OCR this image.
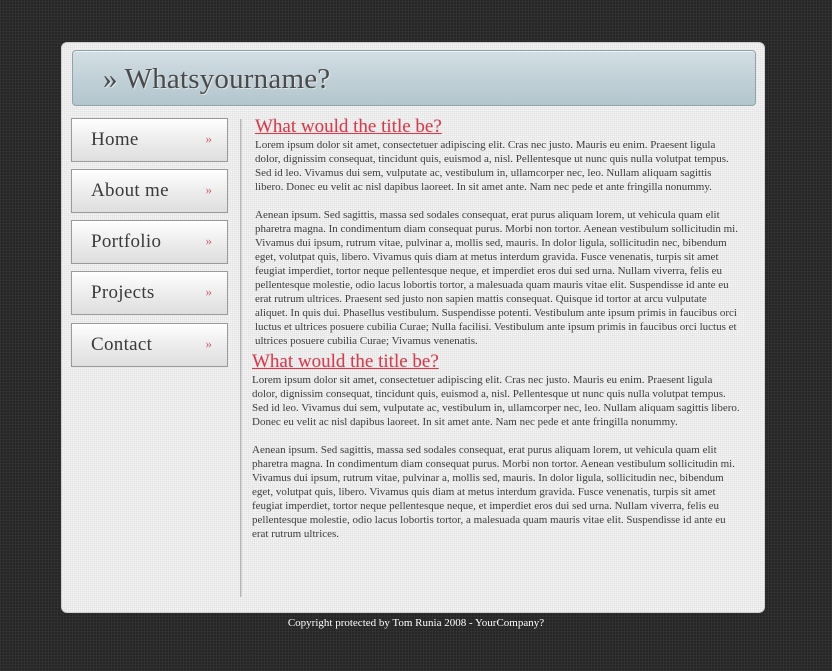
» Whatsyourname?
Home	»
About me	»
Portfolio	»
Projects	»
Contact	»
What would the title be?

Lorem ipsum dolor sit amet, consectetuer adipiscing elit. Cras nec justo. Mauris eu enim. Praesent ligula dolor, dignissim consequat, tincidunt quis, euismod a, nisl. Pellentesque ut nunc quis nulla volutpat tempus. Sed id leo. Vivamus dui sem, vulputate ac, vestibulum in, ullamcorper nec, leo. Nullam aliquam sagittis libero. Donec eu velit ac nisl dapibus laoreet. In sit amet ante. Nam nec pede et ante fringilla nonummy.

Aenean ipsum. Sed sagittis, massa sed sodales consequat, erat purus aliquam lorem, ut vehicula quam elit pharetra magna. In condimentum diam consequat purus. Morbi non tortor. Aenean vestibulum sollicitudin mi. Vivamus dui ipsum, rutrum vitae, pulvinar a, mollis sed, mauris. In dolor ligula, sollicitudin nec, bibendum eget, volutpat quis, libero. Vivamus quis diam at metus interdum gravida. Fusce venenatis, turpis sit amet feugiat imperdiet, tortor neque pellentesque neque, et imperdiet eros dui sed urna. Nullam viverra, felis eu pellentesque molestie, odio lacus lobortis tortor, a malesuada quam mauris vitae elit. Suspendisse id ante eu erat rutrum ultrices. Praesent sed justo non sapien mattis consequat. Quisque id tortor at arcu vulputate aliquet. In quis dui. Phasellus vestibulum. Suspendisse potenti. Vestibulum ante ipsum primis in faucibus orci luctus et ultrices posuere cubilia Curae; Nulla facilisi. Vestibulum ante ipsum primis in faucibus orci luctus et ultrices posuere cubilia Curae; Vivamus venenatis.

What would the title be?

Lorem ipsum dolor sit amet, consectetuer adipiscing elit. Cras nec justo. Mauris eu enim. Praesent ligula dolor, dignissim consequat, tincidunt quis, euismod a, nisl. Pellentesque ut nunc quis nulla volutpat tempus. Sed id leo. Vivamus dui sem, vulputate ac, vestibulum in, ullamcorper nec, leo. Nullam aliquam sagittis libero. Donec eu velit ac nisl dapibus laoreet. In sit amet ante. Nam nec pede et ante fringilla nonummy.

Aenean ipsum. Sed sagittis, massa sed sodales consequat, erat purus aliquam lorem, ut vehicula quam elit pharetra magna. In condimentum diam consequat purus. Morbi non tortor. Aenean vestibulum sollicitudin mi. Vivamus dui ipsum, rutrum vitae, pulvinar a, mollis sed, mauris. In dolor ligula, sollicitudin nec, bibendum eget, volutpat quis, libero. Vivamus quis diam at metus interdum gravida. Fusce venenatis, turpis sit amet feugiat imperdiet, tortor neque pellentesque neque, et imperdiet eros dui sed urna. Nullam viverra, felis eu pellentesque molestie, odio lacus lobortis tortor, a malesuada quam mauris vitae elit. Suspendisse id ante eu erat rutrum ultrices.

Copyright protected by Tom Runia 2008 - YourCompany?
